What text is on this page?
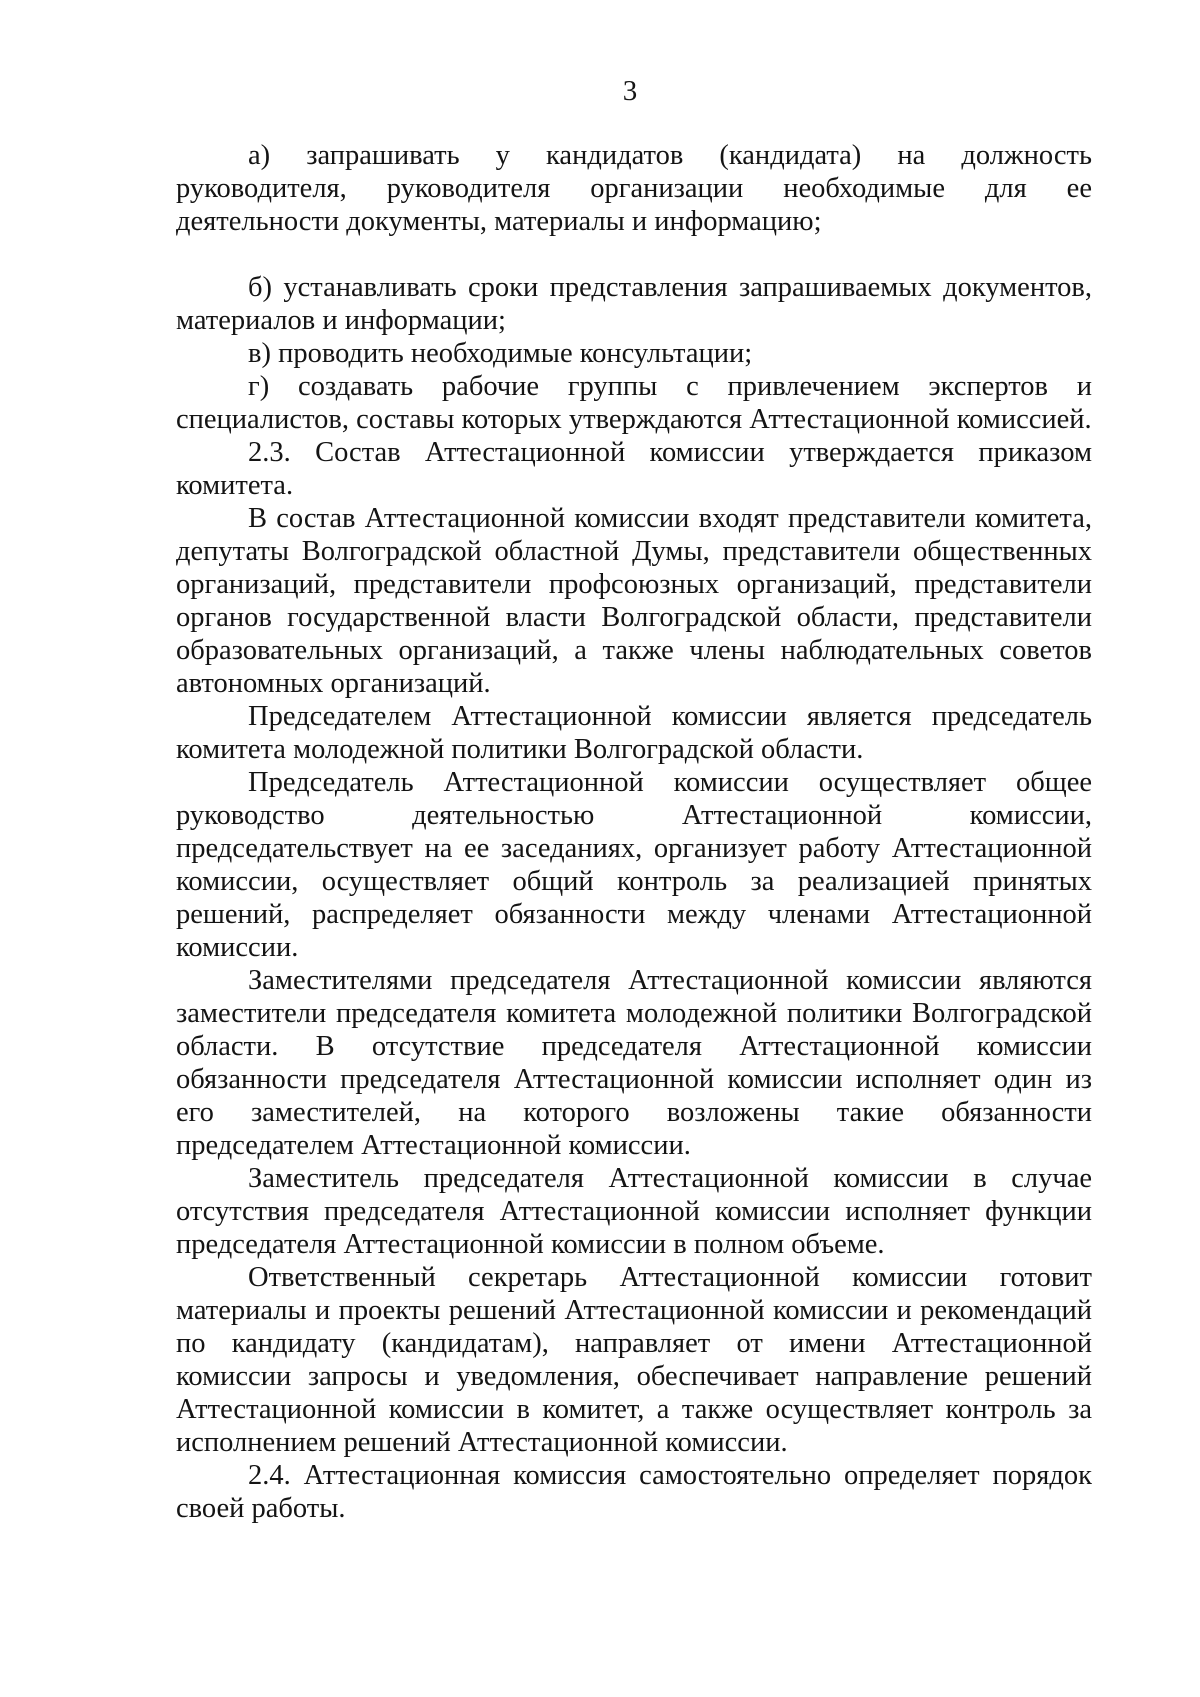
3

а) запрашивать у кандидатов (кандидата) на должность руководителя, руководителя организации необходимые для ее деятельности документы, материалы и информацию;

б) устанавливать сроки представления запрашиваемых документов, материалов и информации;

в) проводить необходимые консультации;

г) создавать рабочие группы с привлечением экспертов и специалистов, составы которых утверждаются Аттестационной комиссией.

2.3. Состав Аттестационной комиссии утверждается приказом комитета.

В состав Аттестационной комиссии входят представители комитета, депутаты Волгоградской областной Думы, представители общественных организаций, представители профсоюзных организаций, представители органов государственной власти Волгоградской области, представители образовательных организаций, а также члены наблюдательных советов автономных организаций.

Председателем Аттестационной комиссии является председатель комитета молодежной политики Волгоградской области.

Председатель Аттестационной комиссии осуществляет общее руководство деятельностью Аттестационной комиссии, председательствует на ее заседаниях, организует работу Аттестационной комиссии, осуществляет общий контроль за реализацией принятых решений, распределяет обязанности между членами Аттестационной комиссии.

Заместителями председателя Аттестационной комиссии являются заместители председателя комитета молодежной политики Волгоградской области. В отсутствие председателя Аттестационной комиссии обязанности председателя Аттестационной комиссии исполняет один из его заместителей, на которого возложены такие обязанности председателем Аттестационной комиссии.

Заместитель председателя Аттестационной комиссии в случае отсутствия председателя Аттестационной комиссии исполняет функции председателя Аттестационной комиссии в полном объеме.

Ответственный секретарь Аттестационной комиссии готовит материалы и проекты решений Аттестационной комиссии и рекомендаций по кандидату (кандидатам), направляет от имени Аттестационной комиссии запросы и уведомления, обеспечивает направление решений Аттестационной комиссии в комитет, а также осуществляет контроль за исполнением решений Аттестационной комиссии.

2.4. Аттестационная комиссия самостоятельно определяет порядок своей работы.
